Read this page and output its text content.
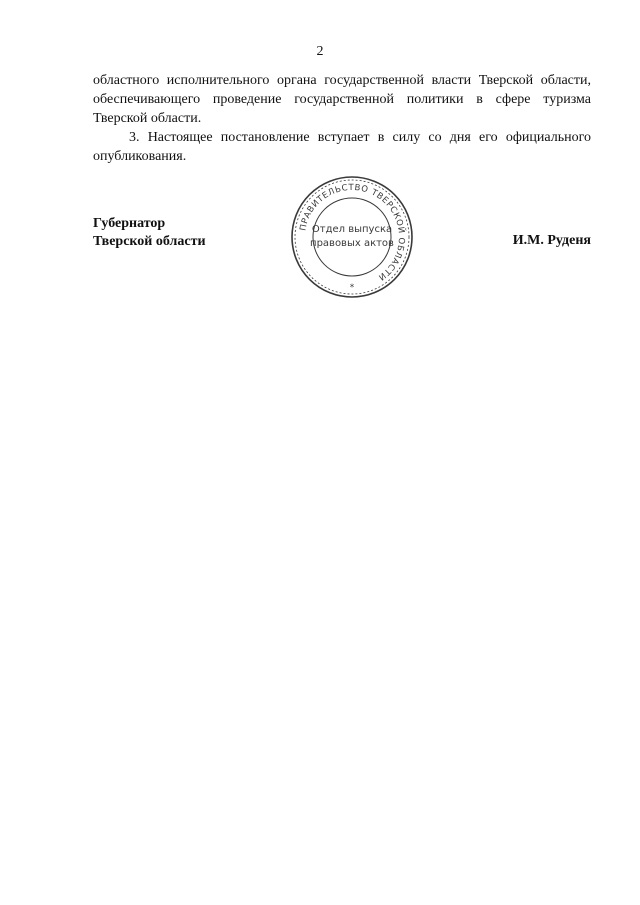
2

областного исполнительного органа государственной власти Тверской области, обеспечивающего проведение государственной политики в сфере туризма Тверской области.

3. Настоящее постановление вступает в силу со дня его официального опубликования.

Губернатор
Тверской области	И.М. Руденя
ПРАВИТЕЛЬСТВО ТВЕРСКОЙ ОБЛАСТИ
Отдел выпуска
правовых актов
*
